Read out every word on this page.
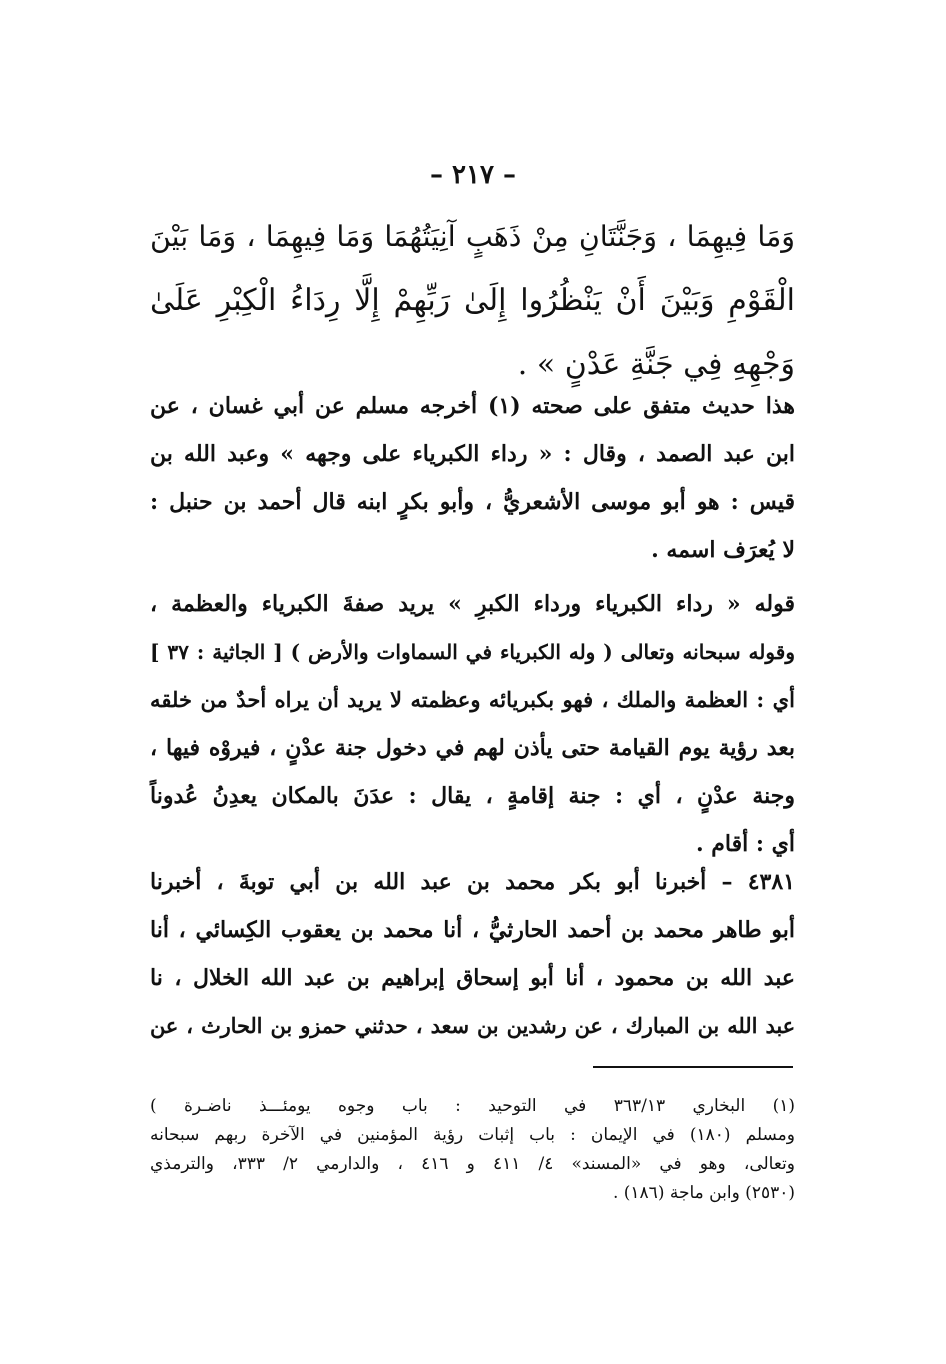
– ٢١٧ –
وَمَا فِيهِمَا ، وَجَنَّتَانِ مِنْ ذَهَبٍ آنِيَتُهُمَا وَمَا فِيهِمَا ، وَمَا بَيْنَ
الْقَوْمِ وَبَيْنَ أَنْ يَنْظُرُوا إِلَىٰ رَبِّهِمْ إِلَّا رِدَاءُ الْكِبْرِ عَلَىٰ
وَجْهِهِ فِي جَنَّةِ عَدْنٍ » .
هذا حديث متفق على صحته (١) أخرجه مسلم عن أبي غسان ، عن
ابن عبد الصمد ، وقال : « رداء الكبرياء على وجهه » وعبد الله بن
قيس : هو أبو موسى الأشعريُّ ، وأبو بكرٍ ابنه قال أحمد بن حنبل :
لا يُعرَف اسمه .
قوله « رداء الكبرياء ورداء الكبرِ » يريد صفةَ الكبرياء والعظمة ،
وقوله سبحانه وتعالى ( وله الكبرياء في السماوات والأرض ) [ الجاثية : ٣٧ ]
أي : العظمة والملك ، فهو بكبريائه وعظمته لا يريد أن يراه أحدٌ من خلقه
بعد رؤية يوم القيامة حتى يأذن لهم في دخول جنة عدْنٍ ، فيروْه فيها ،
وجنة عدْنٍ ، أي : جنة إقامةٍ ، يقال : عدَنَ بالمكان يعدِنُ عُدوناً
أي : أقام .
٤٣٨١ – أخبرنا أبو بكر محمد بن عبد الله بن أبي توبةَ ، أخبرنا
أبو طاهر محمد بن أحمد الحارثيُّ ، أنا محمد بن يعقوب الكِسائي ، أنا
عبد الله بن محمود ، أنا أبو إسحاق إبراهيم بن عبد الله الخلال ، نا
عبد الله بن المبارك ، عن رشدين بن سعد ، حدثني حمزو بن الحارث ، عن
(١) البخاري ٣٦٣/١٣ في التوحيد : باب وجوه يومئـــذ ناضـرة )
ومسلم (١٨٠) في الإيمان : باب إثبات رؤية المؤمنين في الآخرة ربهم سبحانه
وتعالى، وهو في «المسند» ٤/ ٤١١ و ٤١٦ ، والدارمي ٢/ ٣٣٣، والترمذي
(٢٥٣٠) وابن ماجة (١٨٦) .
